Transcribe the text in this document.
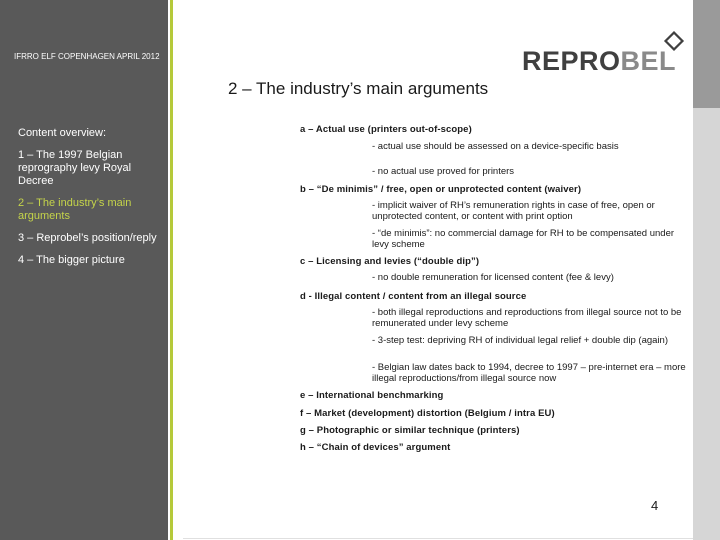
IFRRO ELF COPENHAGEN APRIL 2012
Content overview:
1 – The 1997 Belgian reprography levy Royal Decree
2 – The industry’s main arguments
3 – Reprobel’s position/reply
4 – The bigger picture
REPROBEL
2 – The industry’s main arguments
a – Actual use (printers out-of-scope)
- actual use should be assessed on a device-specific basis
- no actual use proved for printers
b – “De minimis” / free, open or unprotected content (waiver)
- implicit waiver of RH’s remuneration rights in case of free, open or unprotected content, or content with print option
- “de minimis”: no commercial damage for RH to be compensated under levy scheme
c – Licensing and levies (“double dip”)
- no double remuneration for licensed content (fee & levy)
d - Illegal content / content from an illegal source
- both illegal reproductions and reproductions from illegal source not to be remunerated under levy scheme
- 3-step test: depriving RH of individual legal relief + double dip (again)
- Belgian law dates back to 1994, decree to 1997 – pre-internet era – more illegal reproductions/from illegal source now
e – International benchmarking
f – Market (development) distortion (Belgium / intra EU)
g – Photographic or similar technique (printers)
h – “Chain of devices” argument
4
